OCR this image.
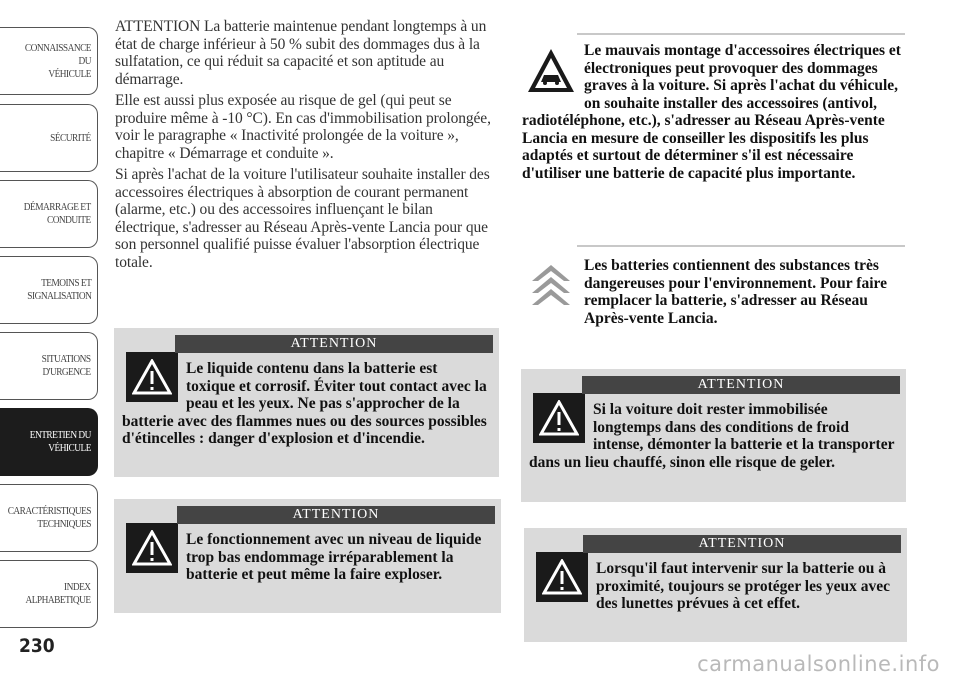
CONNAISSANCE DU
VÉHICULE
SÉCURITÉ
DÉMARRAGE ET
CONDUITE
TEMOINS ET
SIGNALISATION
SITUATIONS
D'URGENCE
ENTRETIEN DU
VÉHICULE
CARACTÉRISTIQUES
TECHNIQUES
INDEX
ALPHABETIQUE
230

ATTENTION La batterie maintenue pendant longtemps à un état de charge inférieur à 50 % subit des dommages dus à la sulfatation, ce qui réduit sa capacité et son aptitude au démarrage.

Elle est aussi plus exposée au risque de gel (qui peut se produire même à -10 °C). En cas d'immobilisation prolongée, voir le paragraphe « Inactivité prolongée de la voiture », chapitre « Démarrage et conduite ».

Si après l'achat de la voiture l'utilisateur souhaite installer des accessoires électriques à absorption de courant permanent (alarme, etc.) ou des accessoires influençant le bilan électrique, s'adresser au Réseau Après-vente Lancia pour que son personnel qualifié puisse évaluer l'absorption électrique totale.

ATTENTION
Le liquide contenu dans la batterie est toxique et corrosif. Éviter tout contact avec la peau et les yeux. Ne pas s'approcher de la batterie avec des flammes nues ou des sources possibles d'étincelles : danger d'explosion et d'incendie.
ATTENTION
Le fonctionnement avec un niveau de liquide trop bas endommage irréparablement la batterie et peut même la faire exploser.
Le mauvais montage d'accessoires électriques et électroniques peut provoquer des dommages graves à la voiture. Si après l'achat du véhicule, on souhaite installer des accessoires (antivol, radiotéléphone, etc.), s'adresser au Réseau Après-vente Lancia en mesure de conseiller les dispositifs les plus adaptés et surtout de déterminer s'il est nécessaire d'utiliser une batterie de capacité plus importante.
Les batteries contiennent des substances très dangereuses pour l'environnement. Pour faire remplacer la batterie, s'adresser au Réseau Après-vente Lancia.
ATTENTION
Si la voiture doit rester immobilisée longtemps dans des conditions de froid intense, démonter la batterie et la transporter dans un lieu chauffé, sinon elle risque de geler.
ATTENTION
Lorsqu'il faut intervenir sur la batterie ou à proximité, toujours se protéger les yeux avec des lunettes prévues à cet effet.
carmanualsonline.info
